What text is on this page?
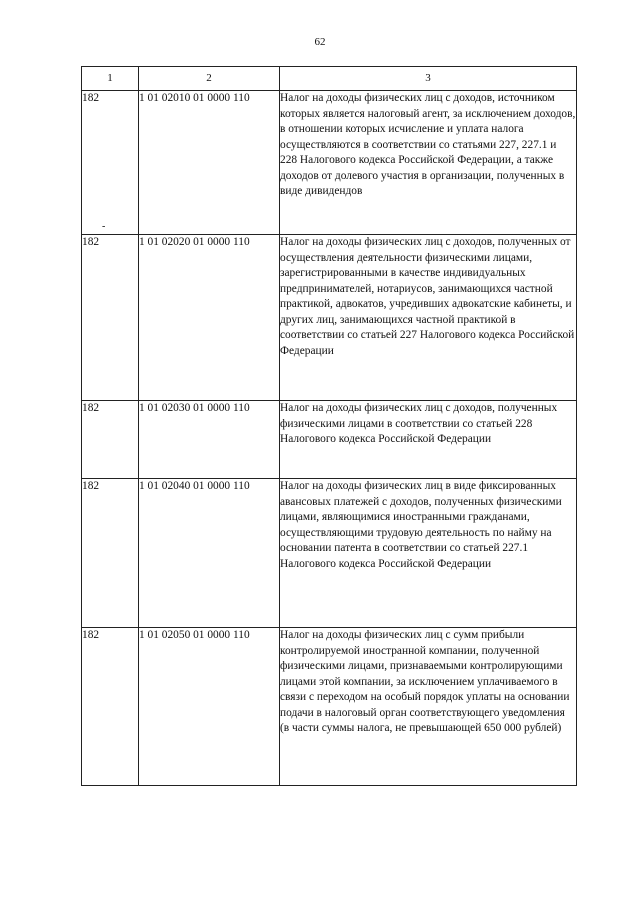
62
1	2	3
182	1 01 02010 01 0000 110	Налог на доходы физических лиц с доходов, источником которых является налоговый агент, за исключением доходов, в отношении которых исчисление и уплата налога осуществляются в соответствии со статьями 227, 227.1 и 228 Налогового кодекса Российской Федерации, а также доходов от долевого участия в организации, полученных в виде дивидендов
182	1 01 02020 01 0000 110	Налог на доходы физических лиц с доходов, полученных от осуществления деятельности физическими лицами, зарегистрированными в качестве индивидуальных предпринимателей, нотариусов, занимающихся частной практикой, адвокатов, учредивших адвокатские кабинеты, и других лиц, занимающихся частной практикой в соответствии со статьей 227 Налогового кодекса Российской Федерации
182	1 01 02030 01 0000 110	Налог на доходы физических лиц с доходов, полученных физическими лицами в соответствии со статьей 228 Налогового кодекса Российской Федерации
182	1 01 02040 01 0000 110	Налог на доходы физических лиц в виде фиксированных авансовых платежей с доходов, полученных физическими лицами, являющимися иностранными гражданами, осуществляющими трудовую деятельность по найму на основании патента в соответствии со статьей 227.1 Налогового кодекса Российской Федерации
182	1 01 02050 01 0000 110	Налог на доходы физических лиц с сумм прибыли контролируемой иностранной компании, полученной физическими лицами, признаваемыми контролирующими лицами этой компании, за исключением уплачиваемого в связи с переходом на особый порядок уплаты на основании подачи в налоговый орган соответствующего уведомления (в части суммы налога, не превышающей 650 000 рублей)
-
